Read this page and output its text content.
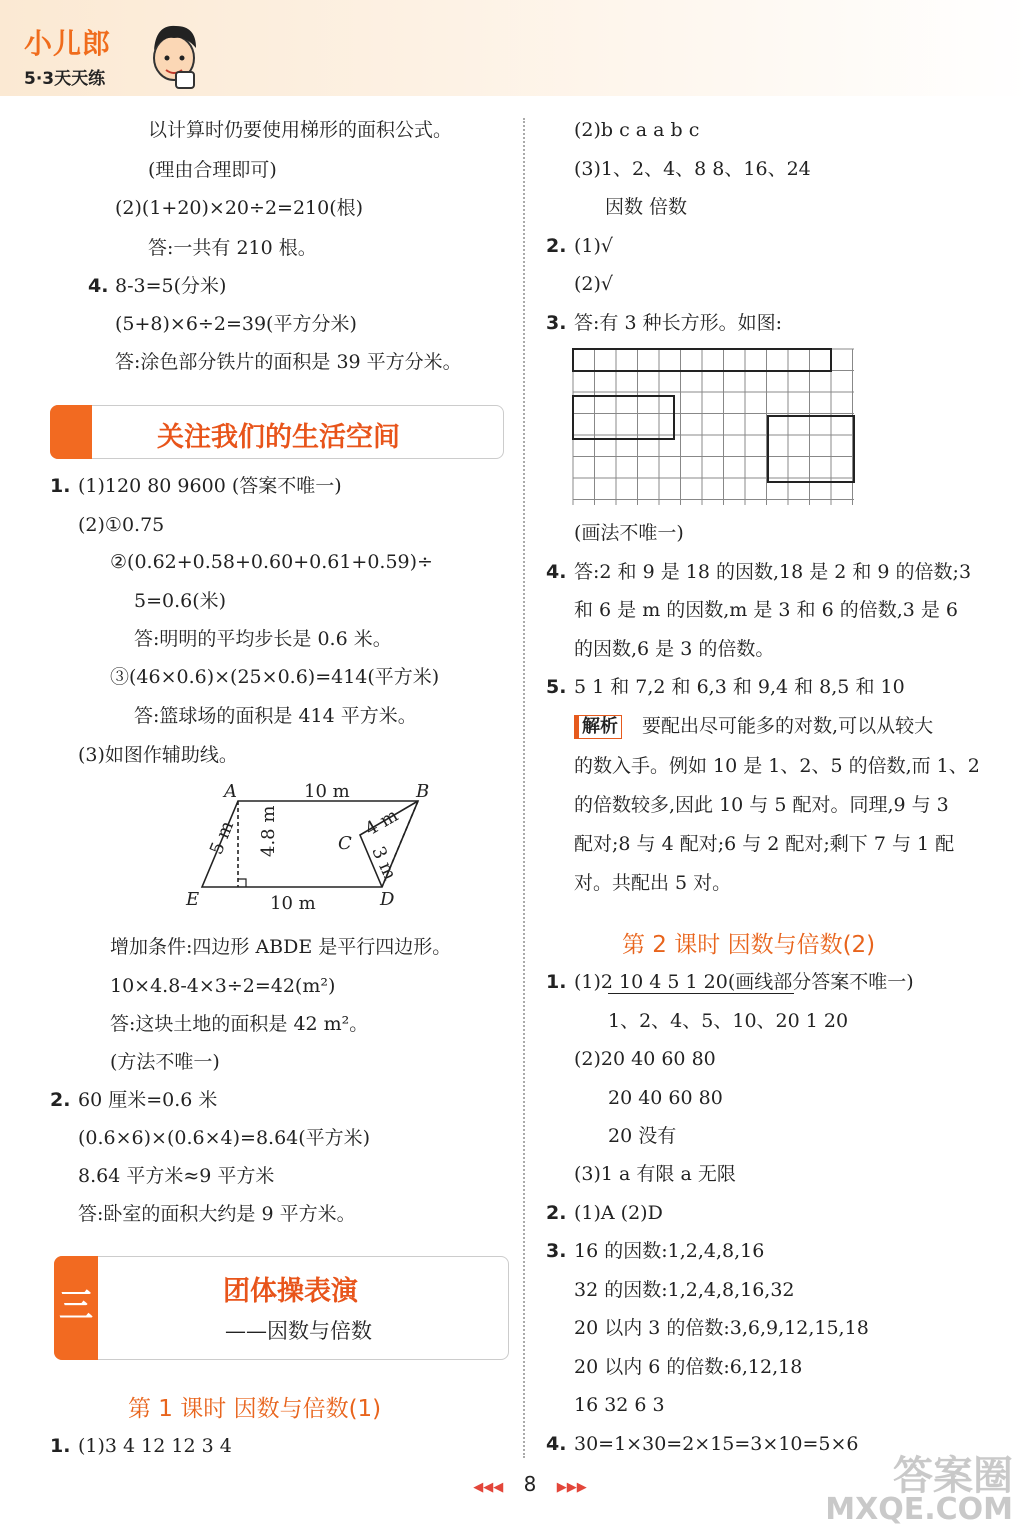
小儿郎
5·3天天练
以计算时仍要使用梯形的面积公式。
(理由合理即可)
(2)(1+20)×20÷2=210(根)
答:一共有 210 根。
4. 8-3=5(分米)
(5+8)×6÷2=39(平方分米)
答:涂色部分铁片的面积是 39 平方分米。
关注我们的生活空间
1. (1)120 80 9600 (答案不唯一)
(2)①0.75
②(0.62+0.58+0.60+0.61+0.59)÷
5=0.6(米)
答:明明的平均步长是 0.6 米。
③(46×0.6)×(25×0.6)=414(平方米)
答:篮球场的面积是 414 平方米。
(3)如图作辅助线。
A	B
C
D
E
10 m
10 m
5 m 4.8 m	4 m
3 m
增加条件:四边形 ABDE 是平行四边形。
10×4.8-4×3÷2=42(m²)
答:这块土地的面积是 42 m²。
(方法不唯一)
2. 60 厘米=0.6 米
(0.6×6)×(0.6×4)=8.64(平方米)
8.64 平方米≈9 平方米
答:卧室的面积大约是 9 平方米。
三	团体操表演
——因数与倍数
第 1 课时 因数与倍数(1)
1. (1)3 4 12 12 3 4
(2)b c a a b c
(3)1、2、4、8 8、16、24
因数 倍数
2. (1)√
(2)√
3. 答:有 3 种长方形。如图:
(画法不唯一)
4. 答:2 和 9 是 18 的因数,18 是 2 和 9 的倍数;3
和 6 是 m 的因数,m 是 3 和 6 的倍数,3 是 6
的因数,6 是 3 的倍数。
5. 5 1 和 7,2 和 6,3 和 9,4 和 8,5 和 10
解析 要配出尽可能多的对数,可以从较大
的数入手。例如 10 是 1、2、5 的倍数,而 1、2
的倍数较多,因此 10 与 5 配对。同理,9 与 3
配对;8 与 4 配对;6 与 2 配对;剩下 7 与 1 配
对。共配出 5 对。
第 2 课时 因数与倍数(2)
1. (1)2 10 4 5 1 20(画线部分答案不唯一)
1、2、4、5、10、20 1 20
(2)20 40 60 80
20 40 60 80
20 没有
(3)1 a 有限 a 无限
2. (1)A (2)D
3. 16 的因数:1,2,4,8,16
32 的因数:1,2,4,8,16,32
20 以内 3 的倍数:3,6,9,12,15,18
20 以内 6 的倍数:6,12,18
16 32 6 3
4. 30=1×30=2×15=3×10=5×6
◀◀◀ 8 ▶▶▶	答案圈
MXQE.COM
